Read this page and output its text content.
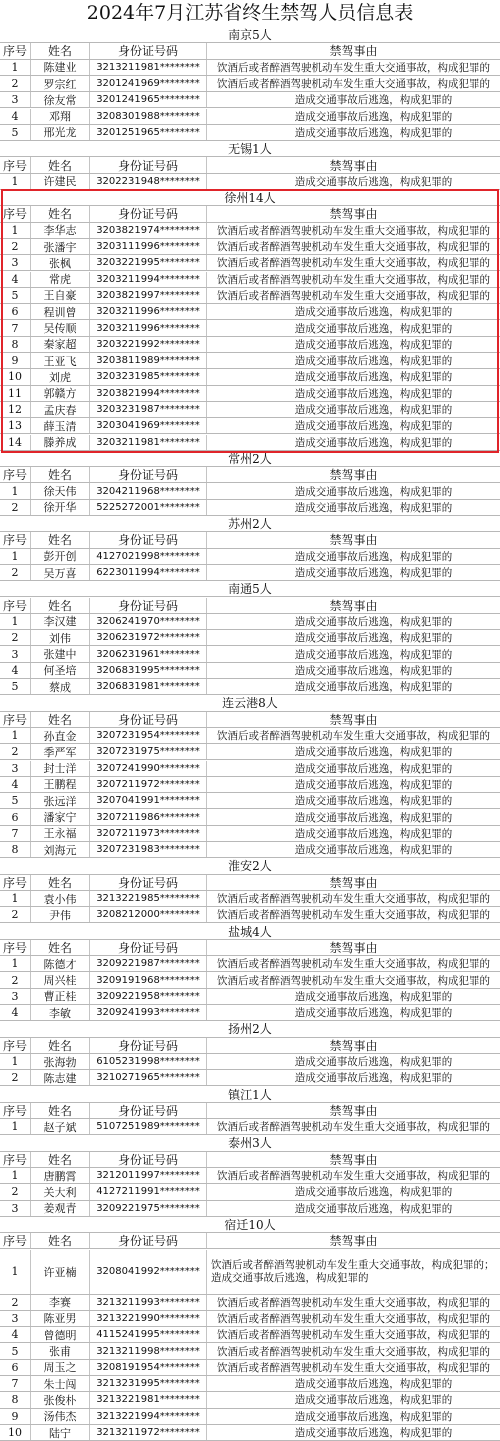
2024年7月江苏省终生禁驾人员信息表
南京5人
序号	姓名	身份证号码	禁驾事由
1	陈建业	3213211981********	饮酒后或者醉酒驾驶机动车发生重大交通事故，构成犯罪的
2	罗宗红	3201241969********	饮酒后或者醉酒驾驶机动车发生重大交通事故，构成犯罪的
3	徐友常	3201241965********	造成交通事故后逃逸，构成犯罪的
4	邓翔	3208301988********	造成交通事故后逃逸，构成犯罪的
5	邢光龙	3201251965********	造成交通事故后逃逸，构成犯罪的
无锡1人
序号	姓名	身份证号码	禁驾事由
1	许建民	3202231948********	造成交通事故后逃逸，构成犯罪的
徐州14人
序号	姓名	身份证号码	禁驾事由
1	李华志	3203821974********	饮酒后或者醉酒驾驶机动车发生重大交通事故，构成犯罪的
2	张潘宇	3203111996********	饮酒后或者醉酒驾驶机动车发生重大交通事故，构成犯罪的
3	张枫	3203221995********	饮酒后或者醉酒驾驶机动车发生重大交通事故，构成犯罪的
4	常虎	3203211994********	饮酒后或者醉酒驾驶机动车发生重大交通事故，构成犯罪的
5	王自豪	3203821997********	饮酒后或者醉酒驾驶机动车发生重大交通事故，构成犯罪的
6	程训曾	3203211996********	造成交通事故后逃逸，构成犯罪的
7	吴传顺	3203211996********	造成交通事故后逃逸，构成犯罪的
8	秦家超	3203221992********	造成交通事故后逃逸，构成犯罪的
9	王亚飞	3203811989********	造成交通事故后逃逸，构成犯罪的
10	刘虎	3203231985********	造成交通事故后逃逸，构成犯罪的
11	郭赣方	3203821994********	造成交通事故后逃逸，构成犯罪的
12	孟庆春	3203231987********	造成交通事故后逃逸，构成犯罪的
13	薛玉清	3203041969********	造成交通事故后逃逸，构成犯罪的
14	滕养成	3203211981********	造成交通事故后逃逸，构成犯罪的
常州2人
序号	姓名	身份证号码	禁驾事由
1	徐天伟	3204211968********	造成交通事故后逃逸，构成犯罪的
2	徐开华	5225272001********	造成交通事故后逃逸，构成犯罪的
苏州2人
序号	姓名	身份证号码	禁驾事由
1	彭开创	4127021998********	造成交通事故后逃逸，构成犯罪的
2	吴万喜	6223011994********	造成交通事故后逃逸，构成犯罪的
南通5人
序号	姓名	身份证号码	禁驾事由
1	李汉建	3206241970********	造成交通事故后逃逸，构成犯罪的
2	刘伟	3206231972********	造成交通事故后逃逸，构成犯罪的
3	张建中	3206231961********	造成交通事故后逃逸，构成犯罪的
4	何圣培	3206831995********	造成交通事故后逃逸，构成犯罪的
5	蔡成	3206831981********	造成交通事故后逃逸，构成犯罪的
连云港8人
序号	姓名	身份证号码	禁驾事由
1	孙直金	3207231954********	饮酒后或者醉酒驾驶机动车发生重大交通事故，构成犯罪的
2	季严军	3207231975********	造成交通事故后逃逸，构成犯罪的
3	封士洋	3207241990********	造成交通事故后逃逸，构成犯罪的
4	王鹏程	3207211972********	造成交通事故后逃逸，构成犯罪的
5	张远洋	3207041991********	造成交通事故后逃逸，构成犯罪的
6	潘家宁	3207211986********	造成交通事故后逃逸，构成犯罪的
7	王永福	3207211973********	造成交通事故后逃逸，构成犯罪的
8	刘海元	3207231983********	造成交通事故后逃逸，构成犯罪的
淮安2人
序号	姓名	身份证号码	禁驾事由
1	袁小伟	3213221985********	饮酒后或者醉酒驾驶机动车发生重大交通事故，构成犯罪的
2	尹伟	3208212000********	饮酒后或者醉酒驾驶机动车发生重大交通事故，构成犯罪的
盐城4人
序号	姓名	身份证号码	禁驾事由
1	陈德才	3209221987********	饮酒后或者醉酒驾驶机动车发生重大交通事故，构成犯罪的
2	周兴桂	3209191968********	饮酒后或者醉酒驾驶机动车发生重大交通事故，构成犯罪的
3	曹正桂	3209221958********	造成交通事故后逃逸，构成犯罪的
4	李敏	3209241993********	造成交通事故后逃逸，构成犯罪的
扬州2人
序号	姓名	身份证号码	禁驾事由
1	张海勃	6105231998********	造成交通事故后逃逸，构成犯罪的
2	陈志建	3210271965********	造成交通事故后逃逸，构成犯罪的
镇江1人
序号	姓名	身份证号码	禁驾事由
1	赵子斌	5107251989********	饮酒后或者醉酒驾驶机动车发生重大交通事故，构成犯罪的
泰州3人
序号	姓名	身份证号码	禁驾事由
1	唐鹏霄	3212011997********	饮酒后或者醉酒驾驶机动车发生重大交通事故，构成犯罪的
2	关大利	4127211991********	造成交通事故后逃逸，构成犯罪的
3	姜观青	3209221975********	造成交通事故后逃逸，构成犯罪的
宿迁10人
序号	姓名	身份证号码	禁驾事由
1	许亚楠	3208041992********
饮酒后或者醉酒驾驶机动车发生重大交通事故，构成犯罪的；造成交通事故后逃逸，构成犯罪的
2	李赛	3213211993********	饮酒后或者醉酒驾驶机动车发生重大交通事故，构成犯罪的
3	陈亚男	3213221990********	饮酒后或者醉酒驾驶机动车发生重大交通事故，构成犯罪的
4	曾德明	4115241995********	饮酒后或者醉酒驾驶机动车发生重大交通事故，构成犯罪的
5	张甫	3213211998********	饮酒后或者醉酒驾驶机动车发生重大交通事故，构成犯罪的
6	周玉之	3208191954********	饮酒后或者醉酒驾驶机动车发生重大交通事故，构成犯罪的
7	朱士闯	3213231995********	造成交通事故后逃逸，构成犯罪的
8	张俊朴	3213221981********	造成交通事故后逃逸，构成犯罪的
9	汤伟杰	3213221994********	造成交通事故后逃逸，构成犯罪的
10	陆宁	3213211972********	造成交通事故后逃逸，构成犯罪的
